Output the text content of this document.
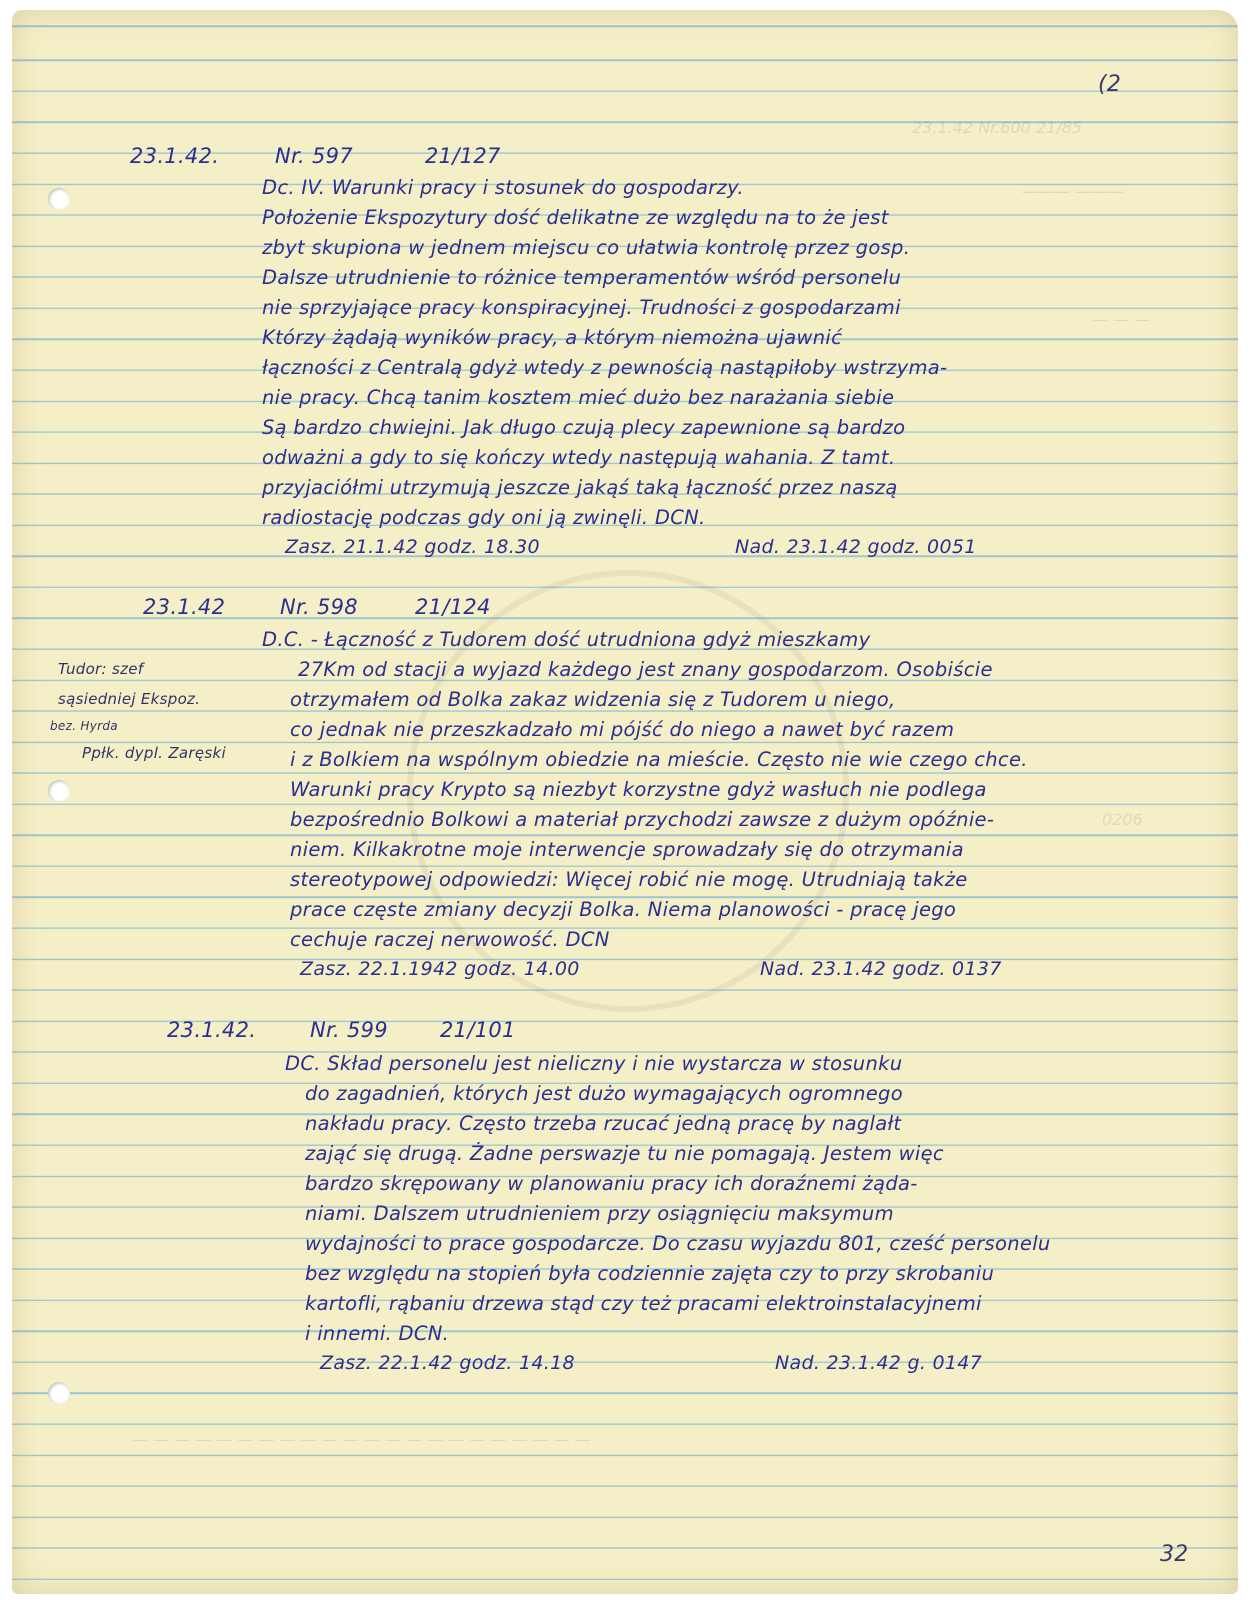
23.1.42 Nr.600 21/85
——— ———
— — —
0206
— — — — — — — — — — — — — — — — — — — — — —
(2
32
23.1.42.	Nr. 597	21/127
Dc. IV. Warunki pracy i stosunek do gospodarzy.
Położenie Ekspozytury dość delikatne ze względu na to że jest
zbyt skupiona w jednem miejscu co ułatwia kontrolę przez gosp.
Dalsze utrudnienie to różnice temperamentów wśród personelu
nie sprzyjające pracy konspiracyjnej. Trudności z gospodarzami
Którzy żądają wyników pracy, a którym niemożna ujawnić
łączności z Centralą gdyż wtedy z pewnością nastąpiłoby wstrzyma-
nie pracy. Chcą tanim kosztem mieć dużo bez narażania siebie
Są bardzo chwiejni. Jak długo czują plecy zapewnione są bardzo
odważni a gdy to się kończy wtedy następują wahania. Z tamt.
przyjaciółmi utrzymują jeszcze jakąś taką łączność przez naszą
radiostację podczas gdy oni ją zwinęli. DCN.
Zasz. 21.1.42 godz. 18.30	Nad. 23.1.42 godz. 0051
23.1.42	Nr. 598	21/124
D.C. - Łączność z Tudorem dość utrudniona gdyż mieszkamy
27Km od stacji a wyjazd każdego jest znany gospodarzom. Osobiście
otrzymałem od Bolka zakaz widzenia się z Tudorem u niego,
co jednak nie przeszkadzało mi pójść do niego a nawet być razem
i z Bolkiem na wspólnym obiedzie na mieście. Często nie wie czego chce.
Warunki pracy Krypto są niezbyt korzystne gdyż wasłuch nie podlega
bezpośrednio Bolkowi a materiał przychodzi zawsze z dużym opóźnie-
niem. Kilkakrotne moje interwencje sprowadzały się do otrzymania
stereotypowej odpowiedzi: Więcej robić nie mogę. Utrudniają także
prace częste zmiany decyzji Bolka. Niema planowości - pracę jego
cechuje raczej nerwowość. DCN
Zasz. 22.1.1942 godz. 14.00	Nad. 23.1.42 godz. 0137
Tudor: szef
sąsiedniej Ekspoz.
bez. Hyrda
Ppłk. dypl. Zaręski
23.1.42.	Nr. 599 21/101
DC. Skład personelu jest nieliczny i nie wystarcza w stosunku
do zagadnień, których jest dużo wymagających ogromnego
nakładu pracy. Często trzeba rzucać jedną pracę by naglałt
zająć się drugą. Żadne perswazje tu nie pomagają. Jestem więc
bardzo skrępowany w planowaniu pracy ich doraźnemi żąda-
niami. Dalszem utrudnieniem przy osiągnięciu maksymum
wydajności to prace gospodarcze. Do czasu wyjazdu 801, cześć personelu
bez względu na stopień była codziennie zajęta czy to przy skrobaniu
kartofli, rąbaniu drzewa stąd czy też pracami elektroinstalacyjnemi
i innemi. DCN.
Zasz. 22.1.42 godz. 14.18	Nad. 23.1.42 g. 0147
